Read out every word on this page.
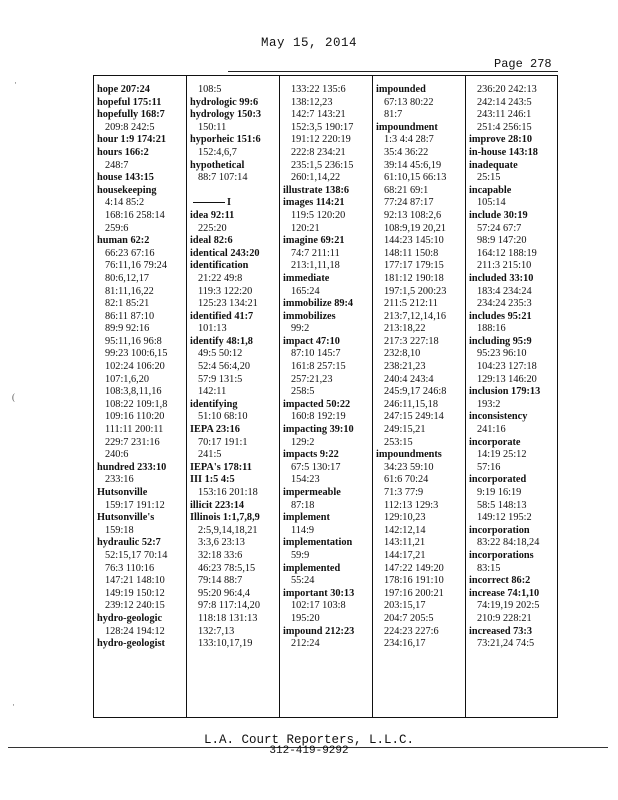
May 15, 2014
Page 278
hope 207:24
hopeful 175:11
hopefully 168:7
209:8 242:5
hour 1:9 174:21
hours 166:2
248:7
house 143:15
housekeeping
4:14 85:2
168:16 258:14
259:6
human 62:2
66:23 67:16
76:11,16 79:24
80:6,12,17
81:11,16,22
82:1 85:21
86:11 87:10
89:9 92:16
95:11,16 96:8
99:23 100:6,15
102:24 106:20
107:1,6,20
108:3,8,11,16
108:22 109:1,8
109:16 110:20
111:11 200:11
229:7 231:16
240:6
hundred 233:10
233:16
Hutsonville
159:17 191:12
Hutsonville's
159:18
hydraulic 52:7
52:15,17 70:14
76:3 110:16
147:21 148:10
149:19 150:12
239:12 240:15
hydro-geologic
128:24 194:12
hydro-geologist
108:5
hydrologic 99:6
hydrology 150:3
150:11
hyporheic 151:6
152:4,6,7
hypothetical
88:7 107:14
I
idea 92:11
225:20
ideal 82:6
identical 243:20
identification
21:22 49:8
119:3 122:20
125:23 134:21
identified 41:7
101:13
identify 48:1,8
49:5 50:12
52:4 56:4,20
57:9 131:5
142:11
identifying
51:10 68:10
IEPA 23:16
70:17 191:1
241:5
IEPA's 178:11
III 1:5 4:5
153:16 201:18
illicit 223:14
Illinois 1:1,7,8,9
2:5,9,14,18,21
3:3,6 23:13
32:18 33:6
46:23 78:5,15
79:14 88:7
95:20 96:4,4
97:8 117:14,20
118:18 131:13
132:7,13
133:10,17,19
133:22 135:6
138:12,23
142:7 143:21
152:3,5 190:17
191:12 220:19
222:8 234:21
235:1,5 236:15
260:1,14,22
illustrate 138:6
images 114:21
119:5 120:20
120:21
imagine 69:21
74:7 211:11
213:1,11,18
immediate
165:24
immobilize 89:4
immobilizes
99:2
impact 47:10
87:10 145:7
161:8 257:15
257:21,23
258:5
impacted 50:22
160:8 192:19
impacting 39:10
129:2
impacts 9:22
67:5 130:17
154:23
impermeable
87:18
implement
114:9
implementation
59:9
implemented
55:24
important 30:13
102:17 103:8
195:20
impound 212:23
212:24
impounded
67:13 80:22
81:7
impoundment
1:3 4:4 28:7
35:4 36:22
39:14 45:6,19
61:10,15 66:13
68:21 69:1
77:24 87:17
92:13 108:2,6
108:9,19 20,21
144:23 145:10
148:11 150:8
177:17 179:15
181:12 190:18
197:1,5 200:23
211:5 212:11
213:7,12,14,16
213:18,22
217:3 227:18
232:8,10
238:21,23
240:4 243:4
245:9,17 246:8
246:11,15,18
247:15 249:14
249:15,21
253:15
impoundments
34:23 59:10
61:6 70:24
71:3 77:9
112:13 129:3
129:10,23
142:12,14
143:11,21
144:17,21
147:22 149:20
178:16 191:10
197:16 200:21
203:15,17
204:7 205:5
224:23 227:6
234:16,17
236:20 242:13
242:14 243:5
243:11 246:1
251:4 256:15
improve 28:10
in-house 143:18
inadequate
25:15
incapable
105:14
include 30:19
57:24 67:7
98:9 147:20
164:12 188:19
211:3 215:10
included 33:10
183:4 234:24
234:24 235:3
includes 95:21
188:16
including 95:9
95:23 96:10
104:23 127:18
129:13 146:20
inclusion 179:13
193:2
inconsistency
241:16
incorporate
14:19 25:12
57:16
incorporated
9:19 16:19
58:5 148:13
149:12 195:2
incorporation
83:22 84:18,24
incorporations
83:15
incorrect 86:2
increase 74:1,10
74:19,19 202:5
210:9 228:21
increased 73:3
73:21,24 74:5
L.A. Court Reporters, L.L.C.
312-419-9292
·
(
·
